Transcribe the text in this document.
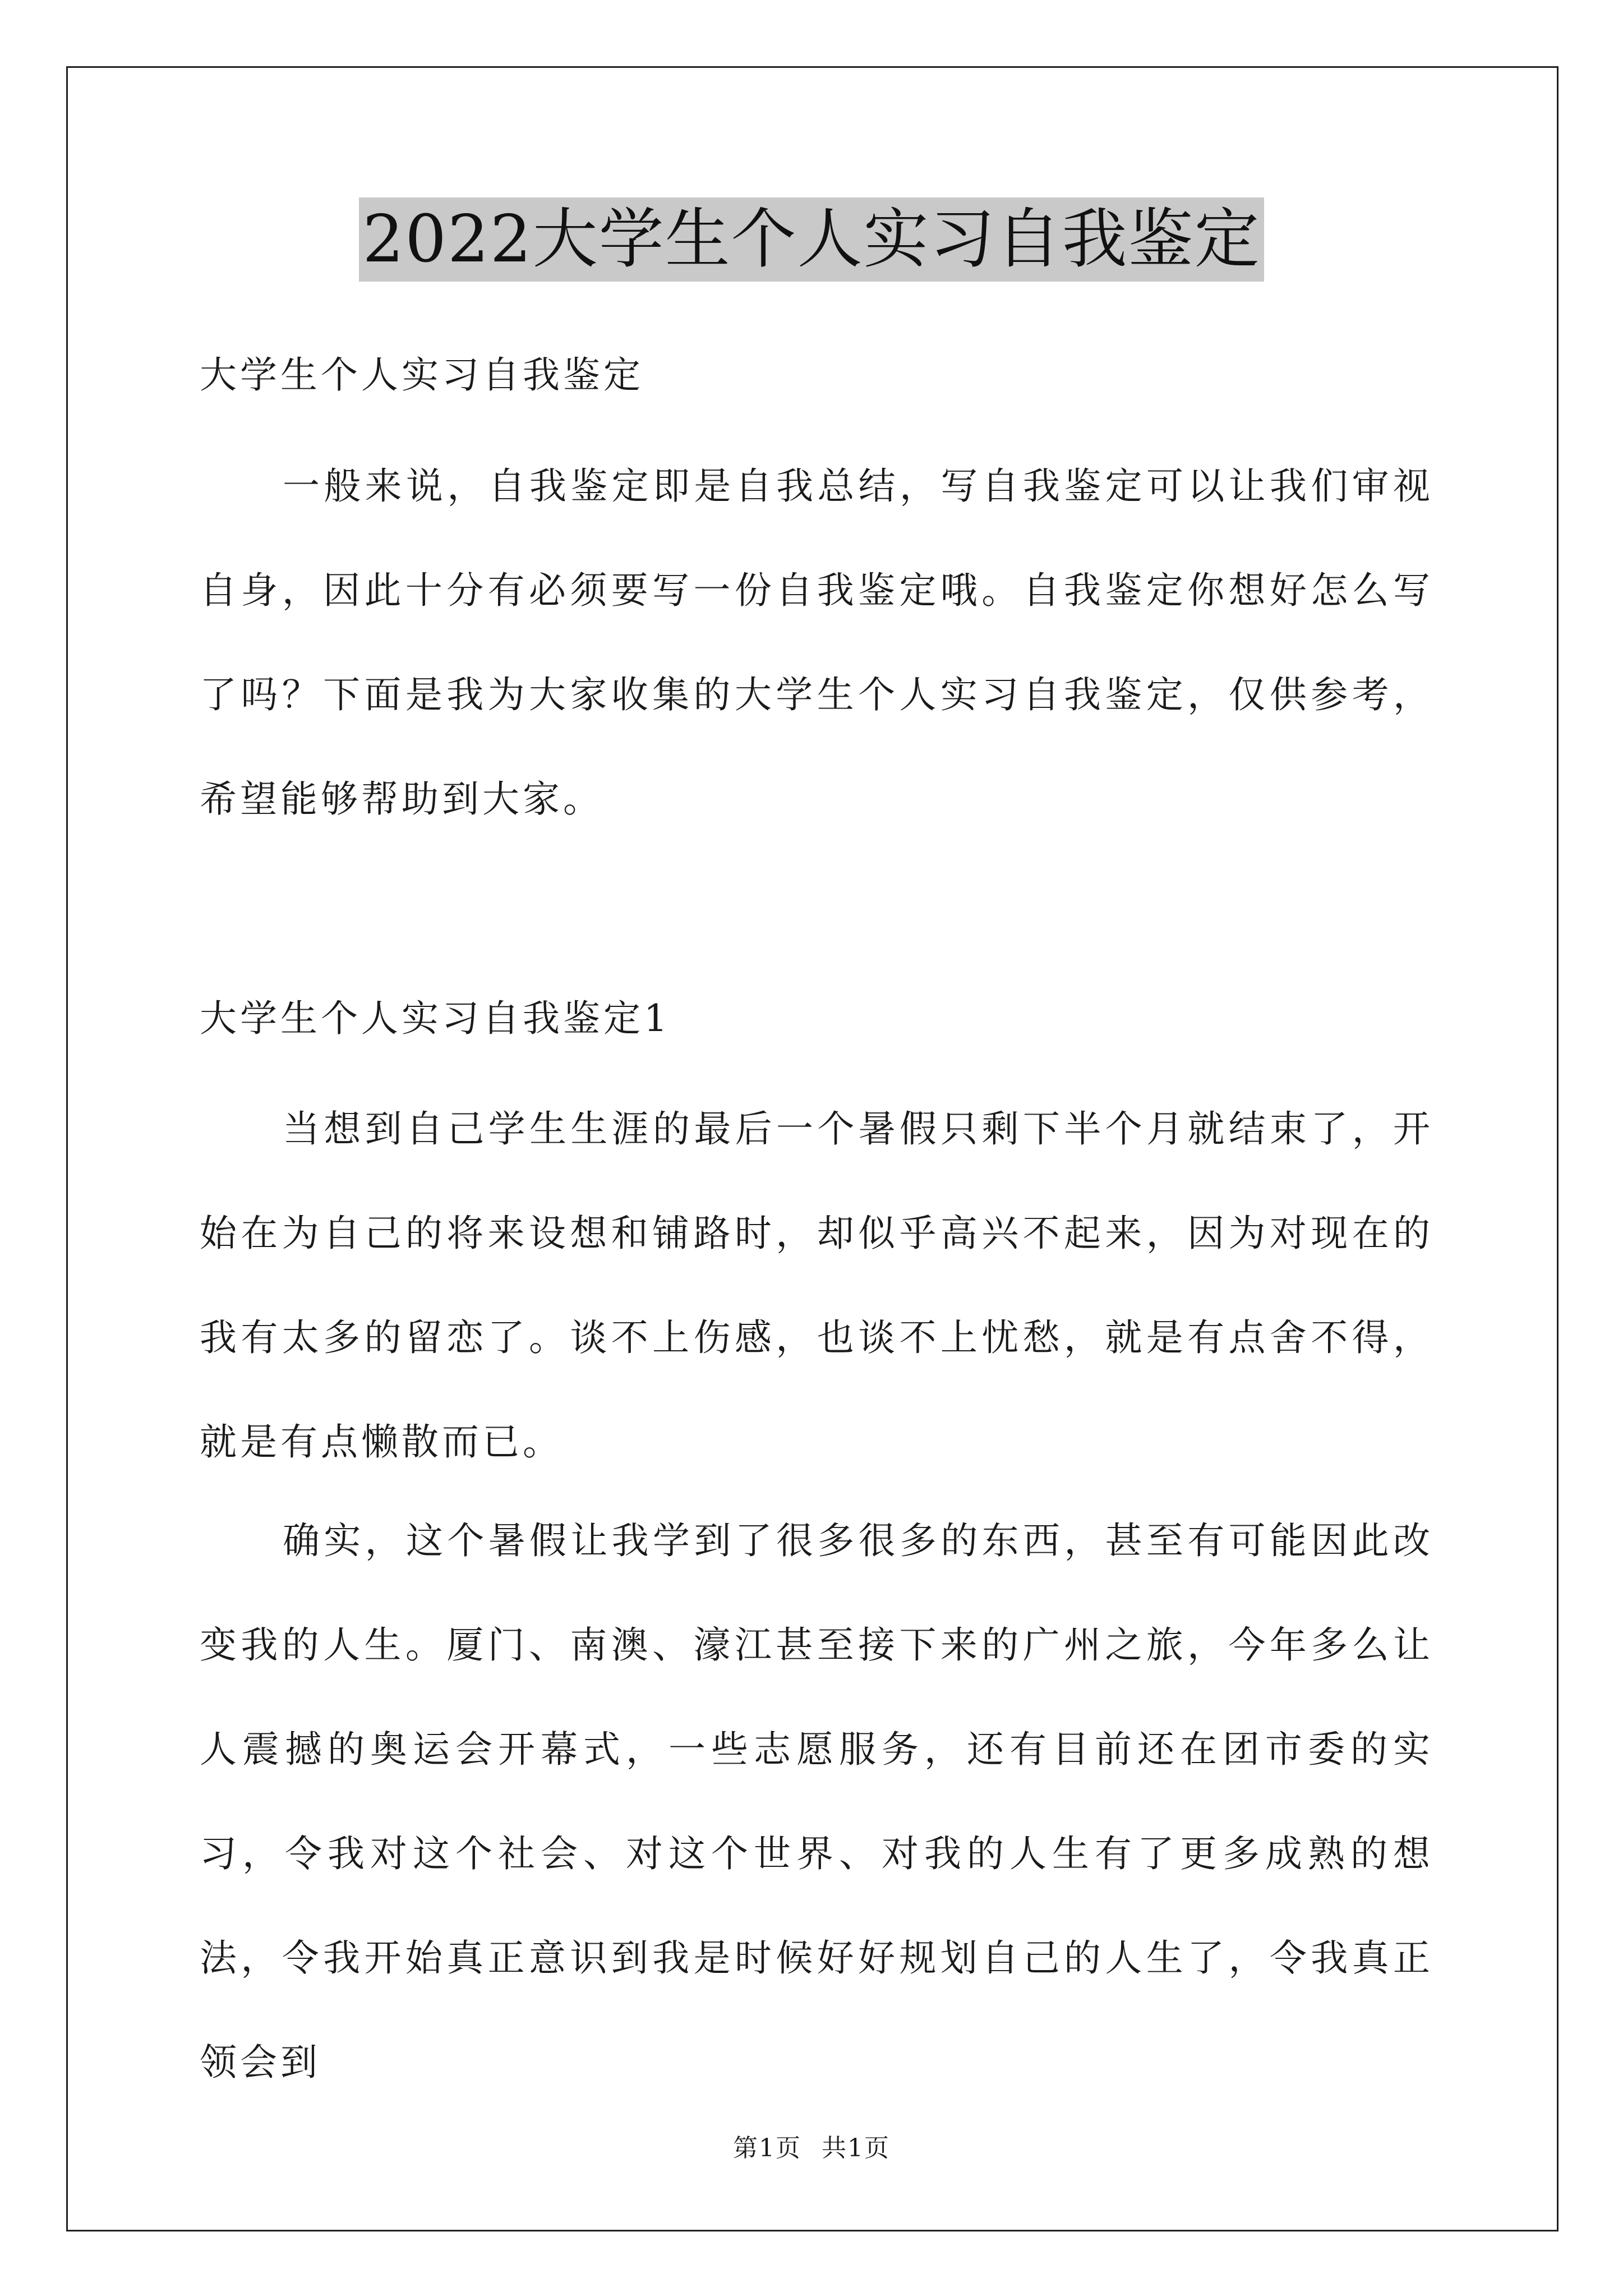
2022大学生个人实习自我鉴定
大学生个人实习自我鉴定
一般来说，自我鉴定即是自我总结，写自我鉴定可以让我们审视自身，因此十分有必须要写一份自我鉴定哦。自我鉴定你想好怎么写了吗？下面是我为大家收集的大学生个人实习自我鉴定，仅供参考，希望能够帮助到大家。
大学生个人实习自我鉴定1
当想到自己学生生涯的最后一个暑假只剩下半个月就结束了，开始在为自己的将来设想和铺路时，却似乎高兴不起来，因为对现在的我有太多的留恋了。谈不上伤感，也谈不上忧愁，就是有点舍不得，就是有点懒散而已。
确实，这个暑假让我学到了很多很多的东西，甚至有可能因此改变我的人生。厦门、南澳、濠江甚至接下来的广州之旅，今年多么让人震撼的奥运会开幕式，一些志愿服务，还有目前还在团市委的实习，令我对这个社会、对这个世界、对我的人生有了更多成熟的想法，令我开始真正意识到我是时候好好规划自己的人生了，令我真正领会到
第1页 共1页
